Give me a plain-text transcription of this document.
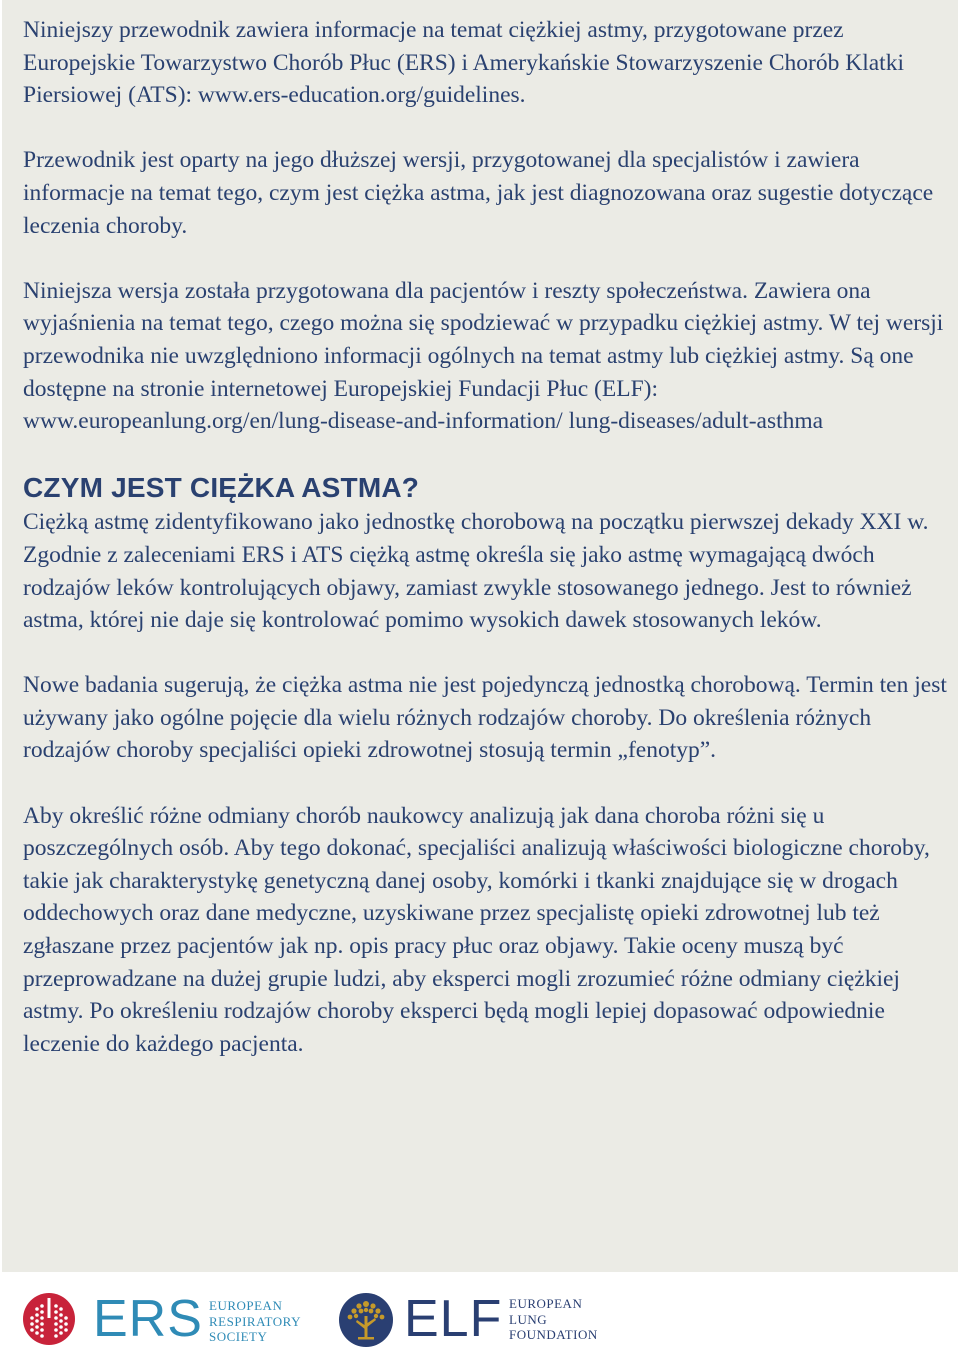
Niniejszy przewodnik zawiera informacje na temat ciężkiej astmy, przygotowane przez Europejskie Towarzystwo Chorób Płuc (ERS) i Amerykańskie Stowarzyszenie Chorób Klatki Piersiowej (ATS): www.ers-education.org/guidelines.

Przewodnik jest oparty na jego dłuższej wersji, przygotowanej dla specjalistów i zawiera informacje na temat tego, czym jest ciężka astma, jak jest diagnozowana oraz sugestie dotyczące leczenia choroby.

Niniejsza wersja została przygotowana dla pacjentów i reszty społeczeństwa. Zawiera ona wyjaśnienia na temat tego, czego można się spodziewać w przypadku ciężkiej astmy. W tej wersji przewodnika nie uwzględniono informacji ogólnych na temat astmy lub ciężkiej astmy. Są one dostępne na stronie internetowej Europejskiej Fundacji Płuc (ELF): www.europeanlung.org/en/lung-disease-and-information/ lung-diseases/adult-asthma

CZYM JEST CIĘŻKA ASTMA?

Ciężką astmę zidentyfikowano jako jednostkę chorobową na początku pierwszej dekady XXI w. Zgodnie z zaleceniami ERS i ATS ciężką astmę określa się jako astmę wymagającą dwóch rodzajów leków kontrolujących objawy, zamiast zwykle stosowanego jednego. Jest to również astma, której nie daje się kontrolować pomimo wysokich dawek stosowanych leków.

Nowe badania sugerują, że ciężka astma nie jest pojedynczą jednostką chorobową. Termin ten jest używany jako ogólne pojęcie dla wielu różnych rodzajów choroby. Do określenia różnych rodzajów choroby specjaliści opieki zdrowotnej stosują termin „fenotyp”.

Aby określić różne odmiany chorób naukowcy analizują jak dana choroba różni się u poszczególnych osób. Aby tego dokonać, specjaliści analizują właściwości biologiczne choroby, takie jak charakterystykę genetyczną danej osoby, komórki i tkanki znajdujące się w drogach oddechowych oraz dane medyczne, uzyskiwane przez specjalistę opieki zdrowotnej lub też zgłaszane przez pacjentów jak np. opis pracy płuc oraz objawy. Takie oceny muszą być przeprowadzane na dużej grupie ludzi, aby eksperci mogli zrozumieć różne odmiany ciężkiej astmy. Po określeniu rodzajów choroby eksperci będą mogli lepiej dopasować odpowiednie leczenie do każdego pacjenta.

ERS EUROPEAN
RESPIRATORY
SOCIETY	ELF EUROPEAN
LUNG
FOUNDATION
